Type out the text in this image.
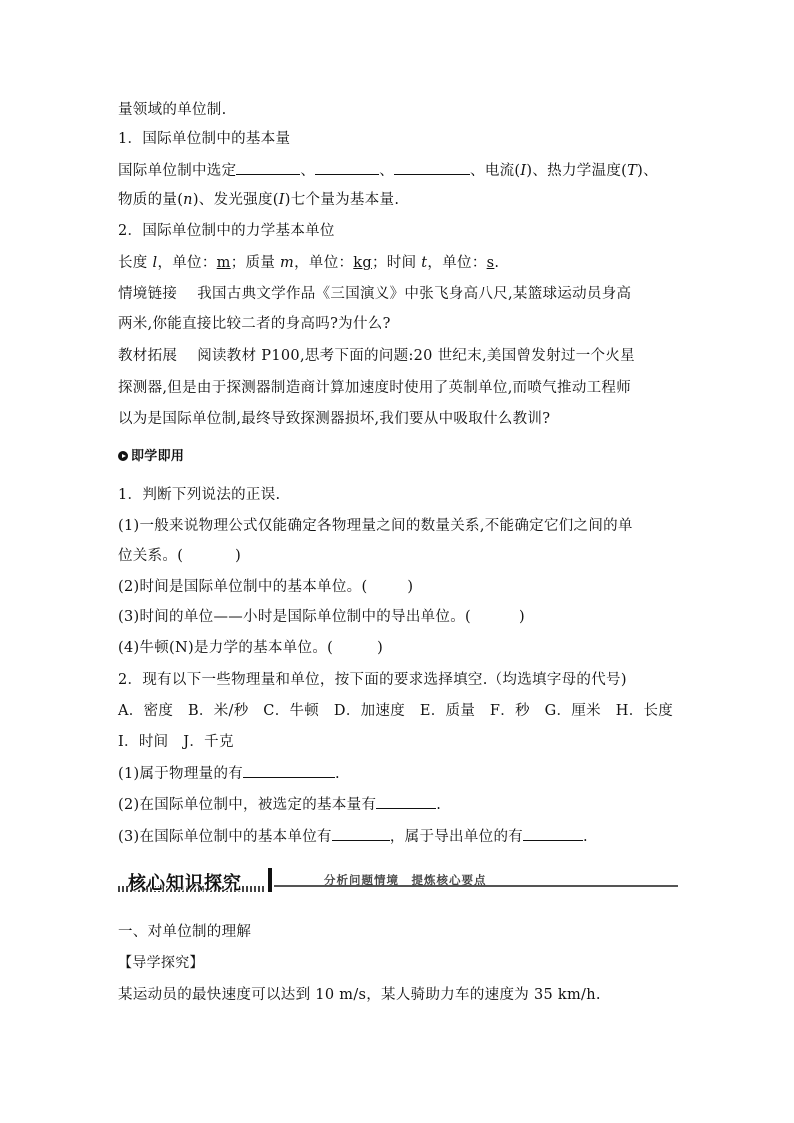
量领域的单位制.
1．国际单位制中的基本量
国际单位制中选定	、	、	、电流(I)、热力学温度(T)、
物质的量(n)、发光强度(I)七个量为基本量.
2．国际单位制中的力学基本单位
长度 l，单位：m；质量 m，单位：kg；时间 t，单位：s.
情境链接 我国古典文学作品《三国演义》中张飞身高八尺,某篮球运动员身高
两米,你能直接比较二者的身高吗?为什么?
教材拓展 阅读教材 P100,思考下面的问题:20 世纪末,美国曾发射过一个火星
探测器,但是由于探测器制造商计算加速度时使用了英制单位,而喷气推动工程师
以为是国际单位制,最终导致探测器损坏,我们要从中吸取什么教训?
即学即用
1．判断下列说法的正误.
(1)一般来说物理公式仅能确定各物理量之间的数量关系,不能确定它们之间的单
位关系。(	)
(2)时间是国际单位制中的基本单位。(	)
(3)时间的单位——小时是国际单位制中的导出单位。(	)
(4)牛顿(N)是力学的基本单位。(	)
2．现有以下一些物理量和单位，按下面的要求选择填空.（均选填字母的代号)
A．密度　B．米/秒　C．牛顿　D．加速度　E．质量　F．秒　G．厘米　H．长度
I．时间　J．千克
(1)属于物理量的有	.
(2)在国际单位制中，被选定的基本量有	.
(3)在国际单位制中的基本单位有	，属于导出单位的有	.
核心知识探究	分析问题情境　提炼核心要点
一、对单位制的理解
【导学探究】
某运动员的最快速度可以达到 10 m/s，某人骑助力车的速度为 35 km/h.
